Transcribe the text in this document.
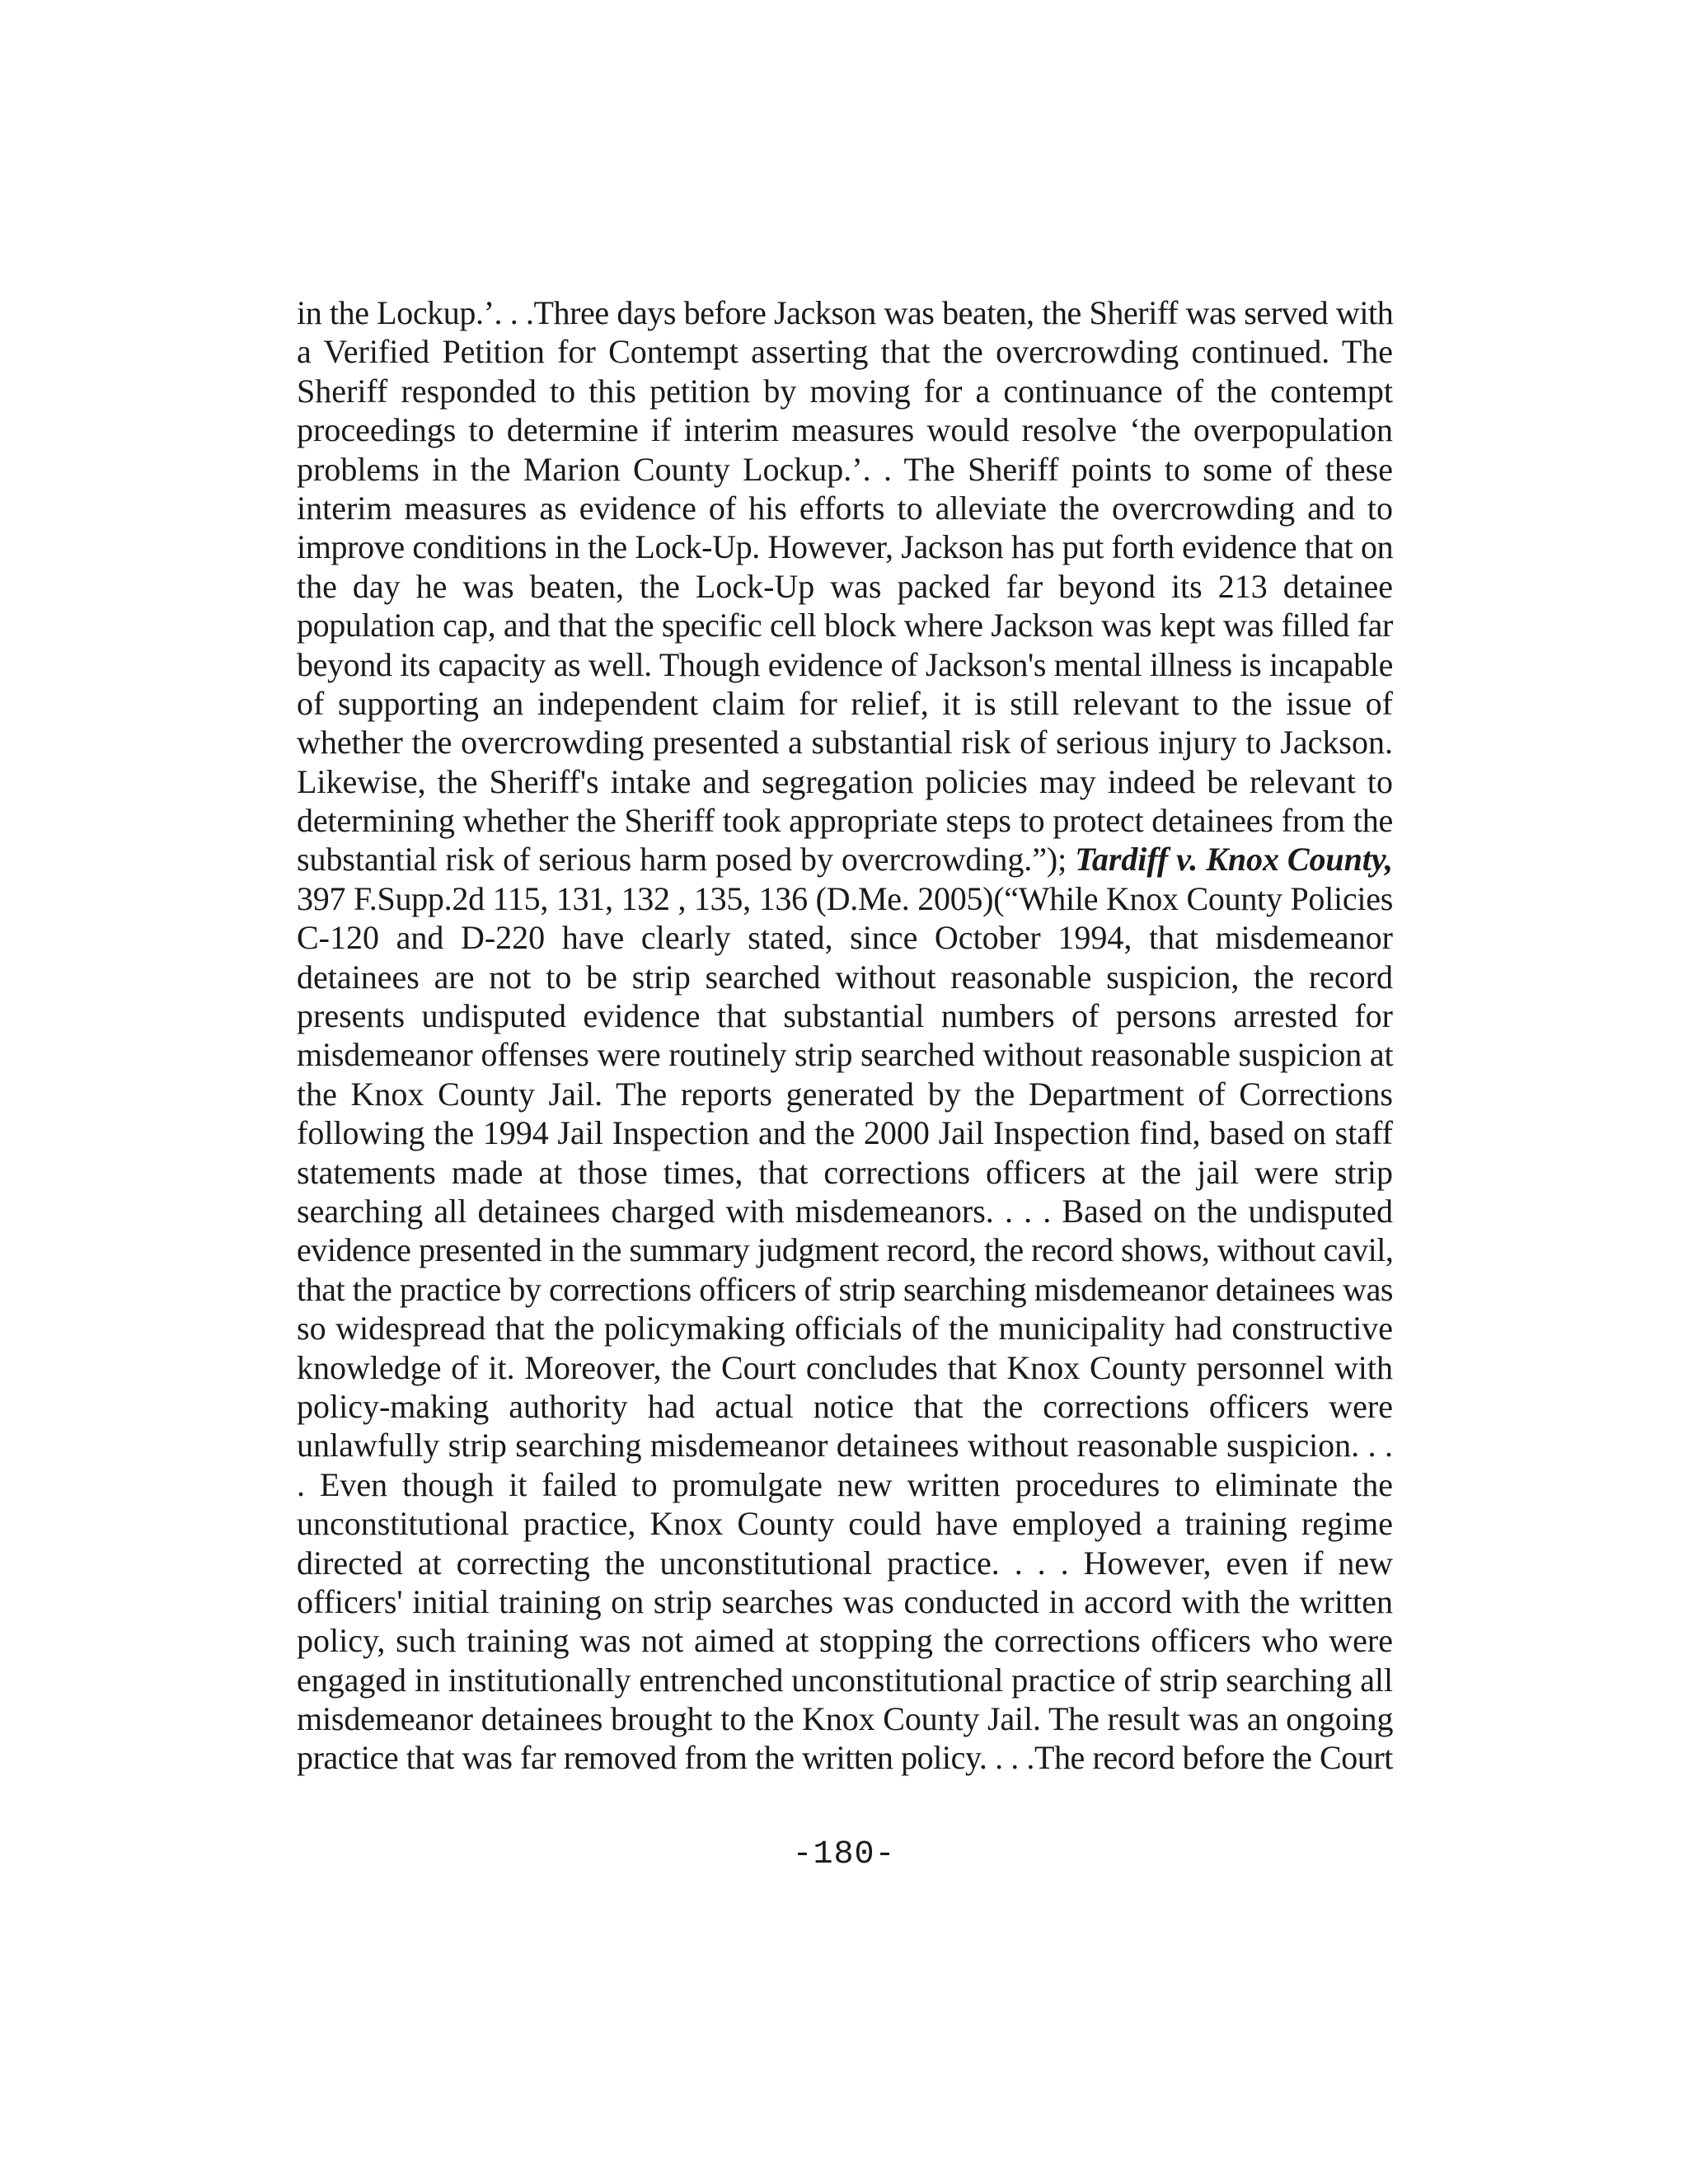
in the Lockup.’. . .Three days before Jackson was beaten, the Sheriff was served with
a Verified Petition for Contempt asserting that the overcrowding continued. The
Sheriff responded to this petition by moving for a continuance of the contempt
proceedings to determine if interim measures would resolve ‘the overpopulation
problems in the Marion County Lockup.’. . The Sheriff points to some of these
interim measures as evidence of his efforts to alleviate the overcrowding and to
improve conditions in the Lock-Up. However, Jackson has put forth evidence that on
the day he was beaten, the Lock-Up was packed far beyond its 213 detainee
population cap, and that the specific cell block where Jackson was kept was filled far
beyond its capacity as well. Though evidence of Jackson's mental illness is incapable
of supporting an independent claim for relief, it is still relevant to the issue of
whether the overcrowding presented a substantial risk of serious injury to Jackson.
Likewise, the Sheriff's intake and segregation policies may indeed be relevant to
determining whether the Sheriff took appropriate steps to protect detainees from the
substantial risk of serious harm posed by overcrowding.”); Tardiff v. Knox County,
397 F.Supp.2d 115, 131, 132 , 135, 136 (D.Me. 2005)(“While Knox County Policies
C-120 and D-220 have clearly stated, since October 1994, that misdemeanor
detainees are not to be strip searched without reasonable suspicion, the record
presents undisputed evidence that substantial numbers of persons arrested for
misdemeanor offenses were routinely strip searched without reasonable suspicion at
the Knox County Jail. The reports generated by the Department of Corrections
following the 1994 Jail Inspection and the 2000 Jail Inspection find, based on staff
statements made at those times, that corrections officers at the jail were strip
searching all detainees charged with misdemeanors. . . . Based on the undisputed
evidence presented in the summary judgment record, the record shows, without cavil,
that the practice by corrections officers of strip searching misdemeanor detainees was
so widespread that the policymaking officials of the municipality had constructive
knowledge of it. Moreover, the Court concludes that Knox County personnel with
policy-making authority had actual notice that the corrections officers were
unlawfully strip searching misdemeanor detainees without reasonable suspicion. . .
. Even though it failed to promulgate new written procedures to eliminate the
unconstitutional practice, Knox County could have employed a training regime
directed at correcting the unconstitutional practice. . . . However, even if new
officers' initial training on strip searches was conducted in accord with the written
policy, such training was not aimed at stopping the corrections officers who were
engaged in institutionally entrenched unconstitutional practice of strip searching all
misdemeanor detainees brought to the Knox County Jail. The result was an ongoing
practice that was far removed from the written policy. . . .The record before the Court
-180-
